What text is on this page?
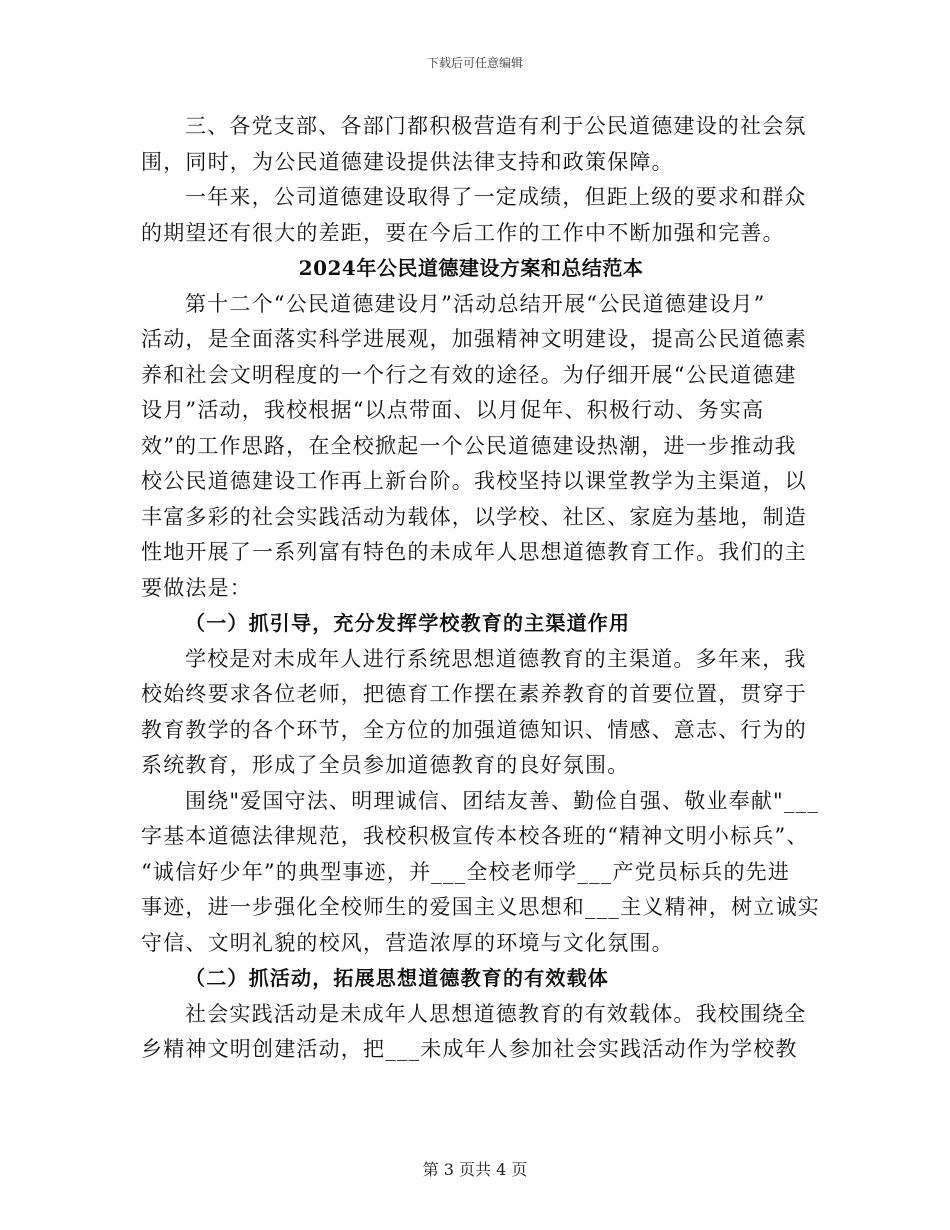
下载后可任意编辑
三、各党支部、各部门都积极营造有利于公民道德建设的社会氛
围，同时，为公民道德建设提供法律支持和政策保障。
一年来，公司道德建设取得了一定成绩，但距上级的要求和群众
的期望还有很大的差距，要在今后工作的工作中不断加强和完善。
2024年公民道德建设方案和总结范本
第十二个“公民道德建设月”活动总结开展“公民道德建设月”
活动，是全面落实科学进展观，加强精神文明建设，提高公民道德素
养和社会文明程度的一个行之有效的途径。为仔细开展“公民道德建
设月”活动，我校根据“以点带面、以月促年、积极行动、务实高
效”的工作思路，在全校掀起一个公民道德建设热潮，进一步推动我
校公民道德建设工作再上新台阶。我校坚持以课堂教学为主渠道，以
丰富多彩的社会实践活动为载体，以学校、社区、家庭为基地，制造
性地开展了一系列富有特色的未成年人思想道德教育工作。我们的主
要做法是：
（一）抓引导，充分发挥学校教育的主渠道作用
学校是对未成年人进行系统思想道德教育的主渠道。多年来，我
校始终要求各位老师，把德育工作摆在素养教育的首要位置，贯穿于
教育教学的各个环节，全方位的加强道德知识、情感、意志、行为的
系统教育，形成了全员参加道德教育的良好氛围。
围绕"爱国守法、明理诚信、团结友善、勤俭自强、敬业奉献"___
字基本道德法律规范，我校积极宣传本校各班的“精神文明小标兵”、
“诚信好少年”的典型事迹，并___全校老师学___产党员标兵的先进
事迹，进一步强化全校师生的爱国主义思想和___主义精神，树立诚实
守信、文明礼貌的校风，营造浓厚的环境与文化氛围。
（二）抓活动，拓展思想道德教育的有效载体
社会实践活动是未成年人思想道德教育的有效载体。我校围绕全
乡精神文明创建活动，把___未成年人参加社会实践活动作为学校教
第 3 页共 4 页
